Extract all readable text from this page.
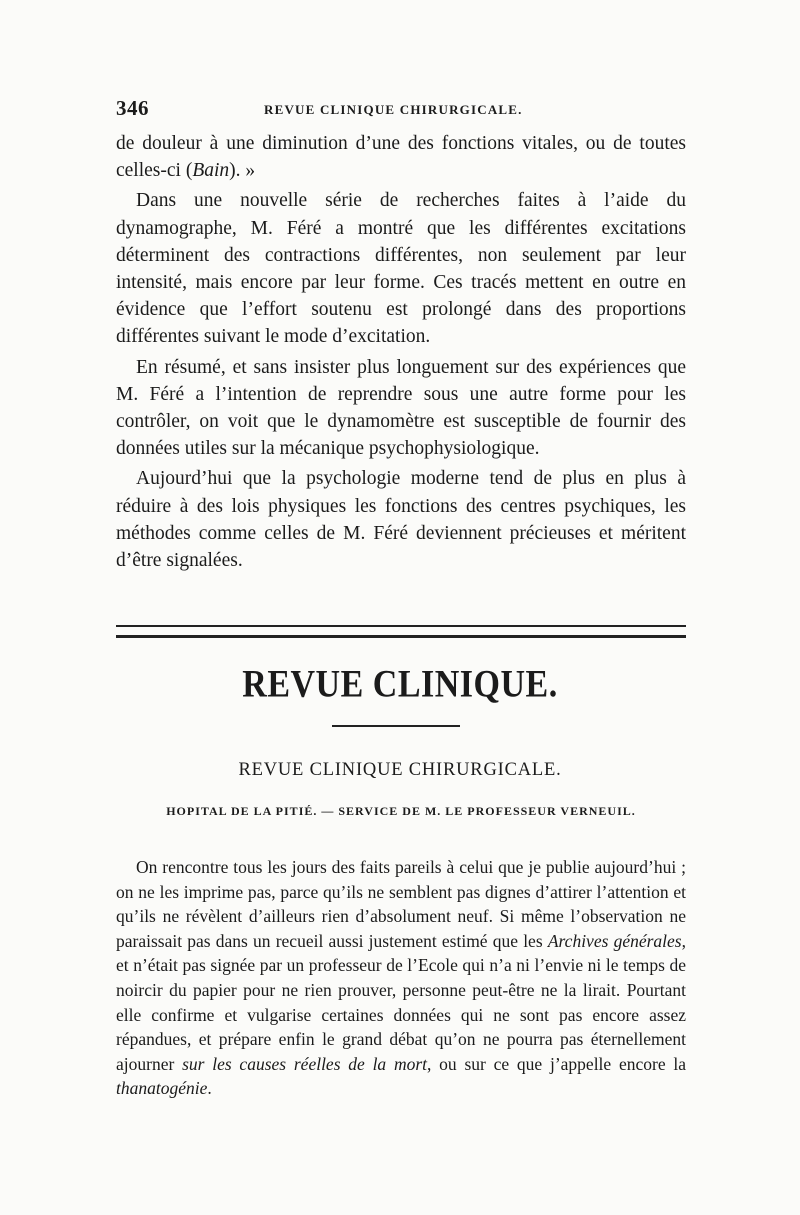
346	REVUE CLINIQUE CHIRURGICALE.

de douleur à une diminution d’une des fonctions vitales, ou de toutes celles-ci (Bain). »

Dans une nouvelle série de recherches faites à l’aide du dynamographe, M. Féré a montré que les différentes excitations déterminent des contractions différentes, non seulement par leur intensité, mais encore par leur forme. Ces tracés mettent en outre en évidence que l’effort soutenu est prolongé dans des proportions différentes suivant le mode d’excitation.

En résumé, et sans insister plus longuement sur des expériences que M. Féré a l’intention de reprendre sous une autre forme pour les contrôler, on voit que le dynamomètre est susceptible de fournir des données utiles sur la mécanique psychophysiologique.

Aujourd’hui que la psychologie moderne tend de plus en plus à réduire à des lois physiques les fonctions des centres psychiques, les méthodes comme celles de M. Féré deviennent précieuses et méritent d’être signalées.

REVUE CLINIQUE.
REVUE CLINIQUE CHIRURGICALE.
HOPITAL DE LA PITIÉ. — SERVICE DE M. LE PROFESSEUR VERNEUIL.

On rencontre tous les jours des faits pareils à celui que je publie aujourd’hui ; on ne les imprime pas, parce qu’ils ne semblent pas dignes d’attirer l’attention et qu’ils ne révèlent d’ailleurs rien d’absolument neuf. Si même l’observation ne paraissait pas dans un recueil aussi justement estimé que les Archives générales, et n’était pas signée par un professeur de l’Ecole qui n’a ni l’envie ni le temps de noircir du papier pour ne rien prouver, personne peut-être ne la lirait. Pourtant elle confirme et vulgarise certaines données qui ne sont pas encore assez répandues, et prépare enfin le grand débat qu’on ne pourra pas éternellement ajourner sur les causes réelles de la mort, ou sur ce que j’appelle encore la thanatogénie.
